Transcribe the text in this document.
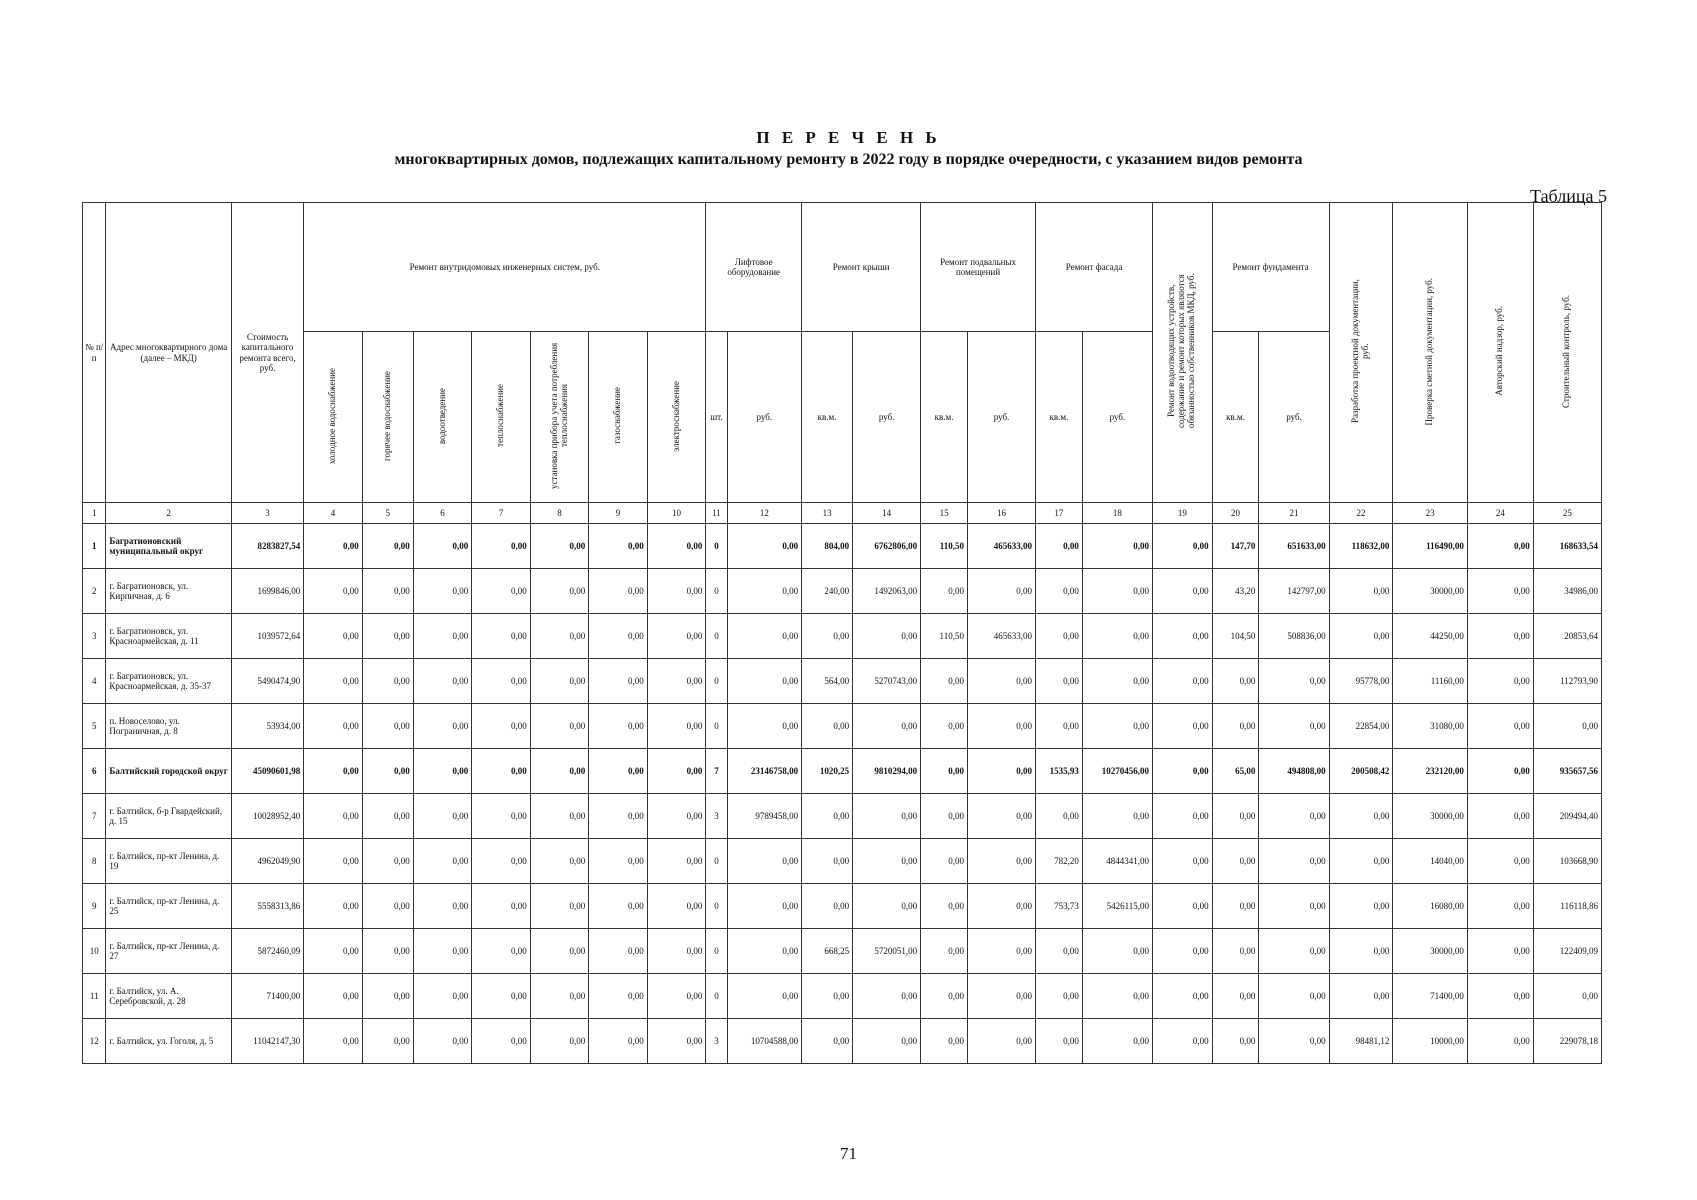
П Е Р Е Ч Е Н Ь
многоквартирных домов, подлежащих капитальному ремонту в 2022 году в порядке очередности, с указанием видов ремонта
Таблица 5
№ п/п	Адрес многоквартирного дома (далее – МКД)	Стоимость капитального ремонта всего, руб.	Ремонт внутридомовых инженерных систем, руб.							Лифтовое оборудование		Ремонт крыши		Ремонт подвальных помещений		Ремонт фасада		Ремонт водоотводящих устройств, содержание и ремонт которых являются обязанностью собственников МКД, руб.	Ремонт фундамента		Разработка проектной документации, руб.	Проверка сметной документации, руб.	Авторский надзор, руб.	Строительный контроль, руб.
			холодное водоснабжение	горячее водоснабжение	водоотведение	теплоснабжение	установка прибора учета потребления теплоснабжения	газоснабжение	электроснабжение	шт.	руб.	кв.м.	руб.	кв.м.	руб.	кв.м.	руб.		кв.м.	руб.				
1	2	3	4	5	6	7	8	9	10	11	12	13	14	15	16	17	18	19	20	21	22	23	24	25
1	Багратионовский муниципальный округ	8283827,54	0,00	0,00	0,00	0,00	0,00	0,00	0,00	0	0,00	804,00	6762806,00	110,50	465633,00	0,00	0,00	0,00	147,70	651633,00	118632,00	116490,00	0,00	168633,54
2	г. Багратионовск, ул. Кирпичная, д. 6	1699846,00	0,00	0,00	0,00	0,00	0,00	0,00	0,00	0	0,00	240,00	1492063,00	0,00	0,00	0,00	0,00	0,00	43,20	142797,00	0,00	30000,00	0,00	34986,00
3	г. Багратионовск, ул. Красноармейская, д. 11	1039572,64	0,00	0,00	0,00	0,00	0,00	0,00	0,00	0	0,00	0,00	0,00	110,50	465633,00	0,00	0,00	0,00	104,50	508836,00	0,00	44250,00	0,00	20853,64
4	г. Багратионовск, ул. Красноармейская, д. 35-37	5490474,90	0,00	0,00	0,00	0,00	0,00	0,00	0,00	0	0,00	564,00	5270743,00	0,00	0,00	0,00	0,00	0,00	0,00	0,00	95778,00	11160,00	0,00	112793,90
5	п. Новоселово, ул. Пограничная, д. 8	53934,00	0,00	0,00	0,00	0,00	0,00	0,00	0,00	0	0,00	0,00	0,00	0,00	0,00	0,00	0,00	0,00	0,00	0,00	22854,00	31080,00	0,00	0,00
6	Балтийский городской округ	45090601,98	0,00	0,00	0,00	0,00	0,00	0,00	0,00	7	23146758,00	1020,25	9810294,00	0,00	0,00	1535,93	10270456,00	0,00	65,00	494808,00	200508,42	232120,00	0,00	935657,56
7	г. Балтийск, б-р Гвардейский, д. 15	10028952,40	0,00	0,00	0,00	0,00	0,00	0,00	0,00	3	9789458,00	0,00	0,00	0,00	0,00	0,00	0,00	0,00	0,00	0,00	0,00	30000,00	0,00	209494,40
8	г. Балтийск, пр-кт Ленина, д. 19	4962049,90	0,00	0,00	0,00	0,00	0,00	0,00	0,00	0	0,00	0,00	0,00	0,00	0,00	782,20	4844341,00	0,00	0,00	0,00	0,00	14040,00	0,00	103668,90
9	г. Балтийск, пр-кт Ленина, д. 25	5558313,86	0,00	0,00	0,00	0,00	0,00	0,00	0,00	0	0,00	0,00	0,00	0,00	0,00	753,73	5426115,00	0,00	0,00	0,00	0,00	16080,00	0,00	116118,86
10	г. Балтийск, пр-кт Ленина, д. 27	5872460,09	0,00	0,00	0,00	0,00	0,00	0,00	0,00	0	0,00	668,25	5720051,00	0,00	0,00	0,00	0,00	0,00	0,00	0,00	0,00	30000,00	0,00	122409,09
11	г. Балтийск, ул. А. Серебровской, д. 28	71400,00	0,00	0,00	0,00	0,00	0,00	0,00	0,00	0	0,00	0,00	0,00	0,00	0,00	0,00	0,00	0,00	0,00	0,00	0,00	71400,00	0,00	0,00
12	г. Балтийск, ул. Гоголя, д. 5	11042147,30	0,00	0,00	0,00	0,00	0,00	0,00	0,00	3	10704588,00	0,00	0,00	0,00	0,00	0,00	0,00	0,00	0,00	0,00	98481,12	10000,00	0,00	229078,18
71
